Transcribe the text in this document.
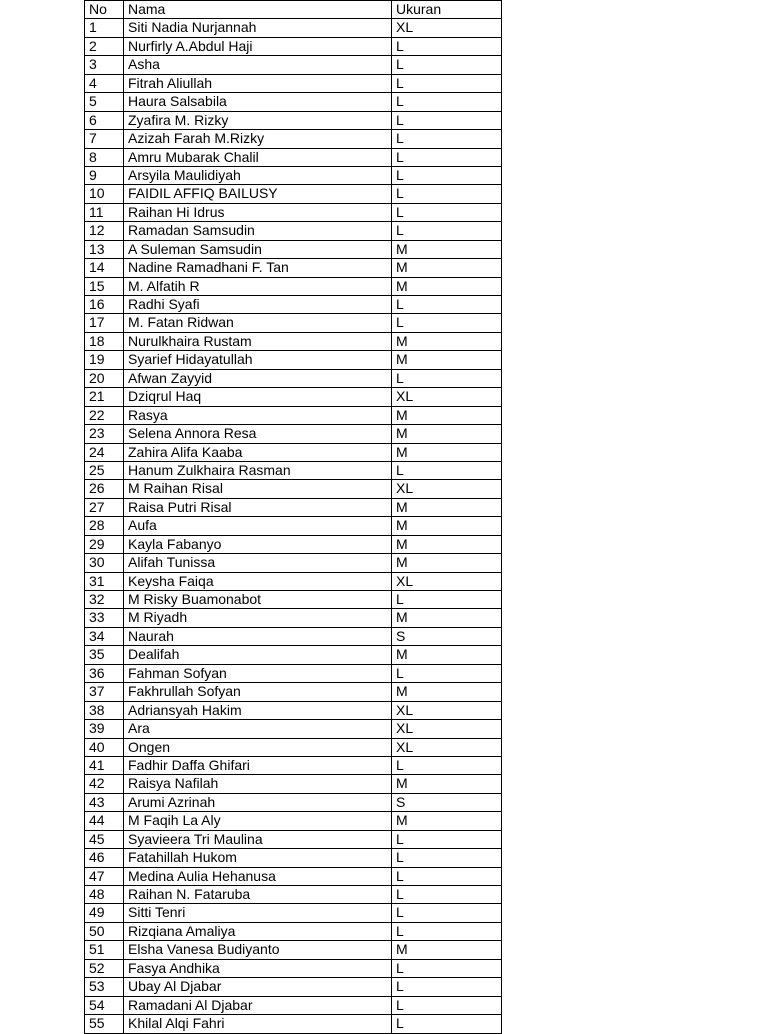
No	Nama	Ukuran
1	Siti Nadia Nurjannah	XL
2	Nurfirly A.Abdul Haji	L
3	Asha	L
4	Fitrah Aliullah	L
5	Haura Salsabila	L
6	Zyafira M. Rizky	L
7	Azizah Farah M.Rizky	L
8	Amru Mubarak Chalil	L
9	Arsyila Maulidiyah	L
10	FAIDIL AFFIQ BAILUSY	L
11	Raihan Hi Idrus	L
12	Ramadan Samsudin	L
13	A Suleman Samsudin	M
14	Nadine Ramadhani F. Tan	M
15	M. Alfatih R	M
16	Radhi Syafi	L
17	M. Fatan Ridwan	L
18	Nurulkhaira Rustam	M
19	Syarief Hidayatullah	M
20	Afwan Zayyid	L
21	Dziqrul Haq	XL
22	Rasya	M
23	Selena Annora Resa	M
24	Zahira Alifa Kaaba	M
25	Hanum Zulkhaira Rasman	L
26	M Raihan Risal	XL
27	Raisa Putri Risal	M
28	Aufa	M
29	Kayla Fabanyo	M
30	Alifah Tunissa	M
31	Keysha Faiqa	XL
32	M Risky Buamonabot	L
33	M Riyadh	M
34	Naurah	S
35	Dealifah	M
36	Fahman Sofyan	L
37	Fakhrullah Sofyan	M
38	Adriansyah Hakim	XL
39	Ara	XL
40	Ongen	XL
41	Fadhir Daffa Ghifari	L
42	Raisya Nafilah	M
43	Arumi Azrinah	S
44	M Faqih La Aly	M
45	Syavieera Tri Maulina	L
46	Fatahillah Hukom	L
47	Medina Aulia Hehanusa	L
48	Raihan N. Fataruba	L
49	Sitti Tenri	L
50	Rizqiana Amaliya	L
51	Elsha Vanesa Budiyanto	M
52	Fasya Andhika	L
53	Ubay Al Djabar	L
54	Ramadani Al Djabar	L
55	Khilal Alqi Fahri	L
